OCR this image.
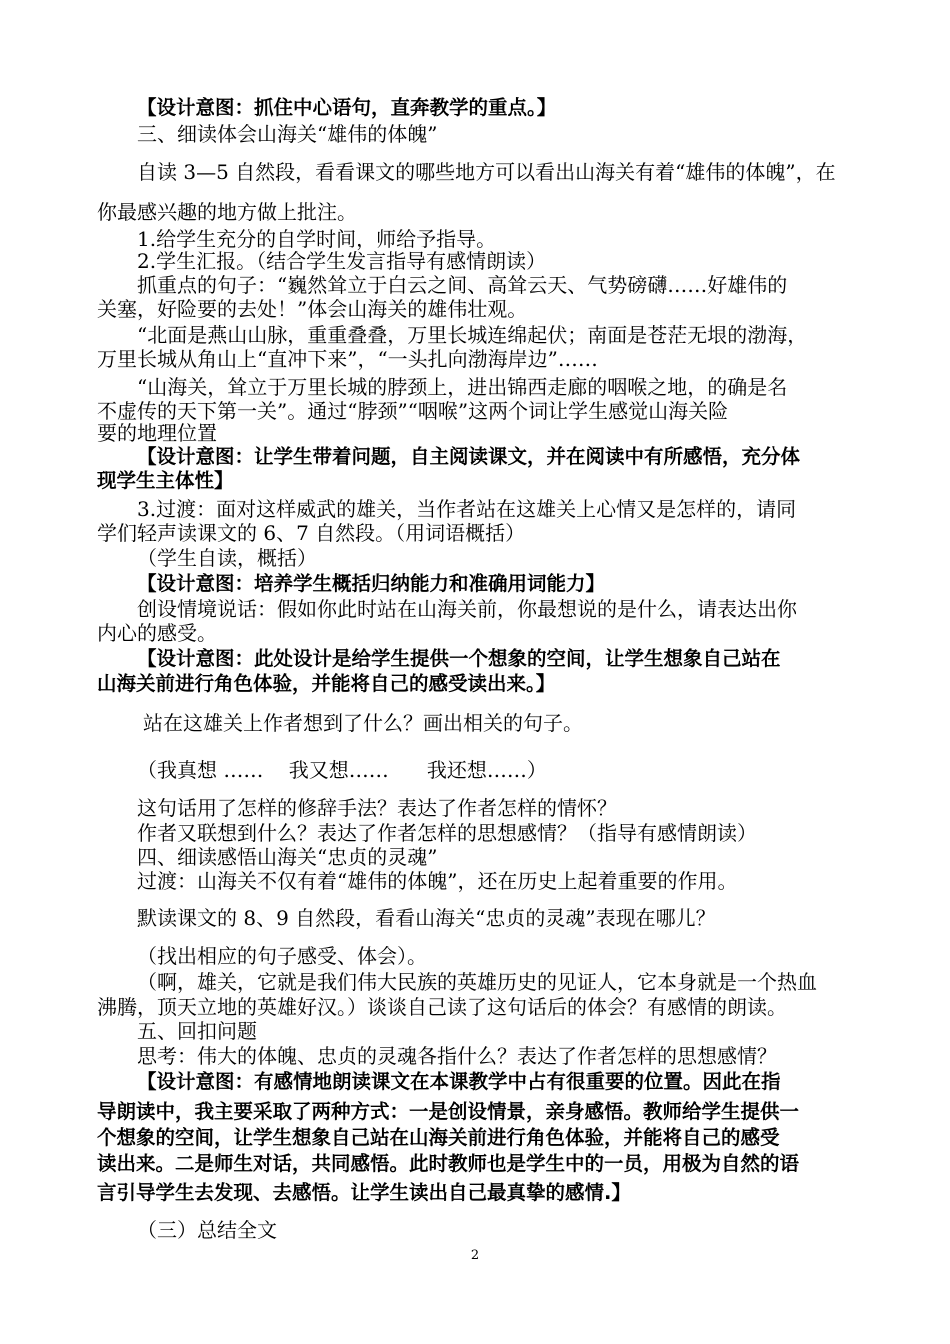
【设计意图：抓住中心语句，直奔教学的重点。】
三、细读体会山海关“雄伟的体魄”
自读 3—5 自然段，看看课文的哪些地方可以看出山海关有着“雄伟的体魄”，在
你最感兴趣的地方做上批注。
1.给学生充分的自学时间，师给予指导。
2.学生汇报。（结合学生发言指导有感情朗读）
抓重点的句子：“巍然耸立于白云之间、高耸云天、气势磅礴……好雄伟的
关塞，好险要的去处！”体会山海关的雄伟壮观。
“北面是燕山山脉，重重叠叠，万里长城连绵起伏；南面是苍茫无垠的渤海，
万里长城从角山上“直冲下来”，“一头扎向渤海岸边”……
“山海关，耸立于万里长城的脖颈上，进出锦西走廊的咽喉之地，的确是名
不虚传的天下第一关”。通过“脖颈”“咽喉”这两个词让学生感觉山海关险
要的地理位置
【设计意图：让学生带着问题，自主阅读课文，并在阅读中有所感悟，充分体
现学生主体性】
3.过渡：面对这样威武的雄关，当作者站在这雄关上心情又是怎样的，请同
学们轻声读课文的 6、7 自然段。（用词语概括）
（学生自读，概括）
【设计意图：培养学生概括归纳能力和准确用词能力】
创设情境说话：假如你此时站在山海关前，你最想说的是什么，请表达出你
内心的感受。
【设计意图：此处设计是给学生提供一个想象的空间，让学生想象自己站在
山海关前进行角色体验，并能将自己的感受读出来。】
站在这雄关上作者想到了什么？画出相关的句子。
（我真想 ……    我又想……      我还想……）
这句话用了怎样的修辞手法？表达了作者怎样的情怀？
作者又联想到什么？表达了作者怎样的思想感情？（指导有感情朗读）
四、细读感悟山海关“忠贞的灵魂”
过渡：山海关不仅有着“雄伟的体魄”，还在历史上起着重要的作用。
默读课文的 8、9 自然段，看看山海关“忠贞的灵魂”表现在哪儿？
（找出相应的句子感受、体会）。
（啊，雄关，它就是我们伟大民族的英雄历史的见证人，它本身就是一个热血
沸腾，顶天立地的英雄好汉。）谈谈自己读了这句话后的体会？有感情的朗读。
五、回扣问题
思考：伟大的体魄、忠贞的灵魂各指什么？表达了作者怎样的思想感情？
【设计意图：有感情地朗读课文在本课教学中占有很重要的位置。因此在指
导朗读中，我主要采取了两种方式：一是创设情景，亲身感悟。教师给学生提供一
个想象的空间，让学生想象自己站在山海关前进行角色体验，并能将自己的感受
读出来。二是师生对话，共同感悟。此时教师也是学生中的一员，用极为自然的语
言引导学生去发现、去感悟。让学生读出自己最真挚的感情.】
（三）总结全文
2
